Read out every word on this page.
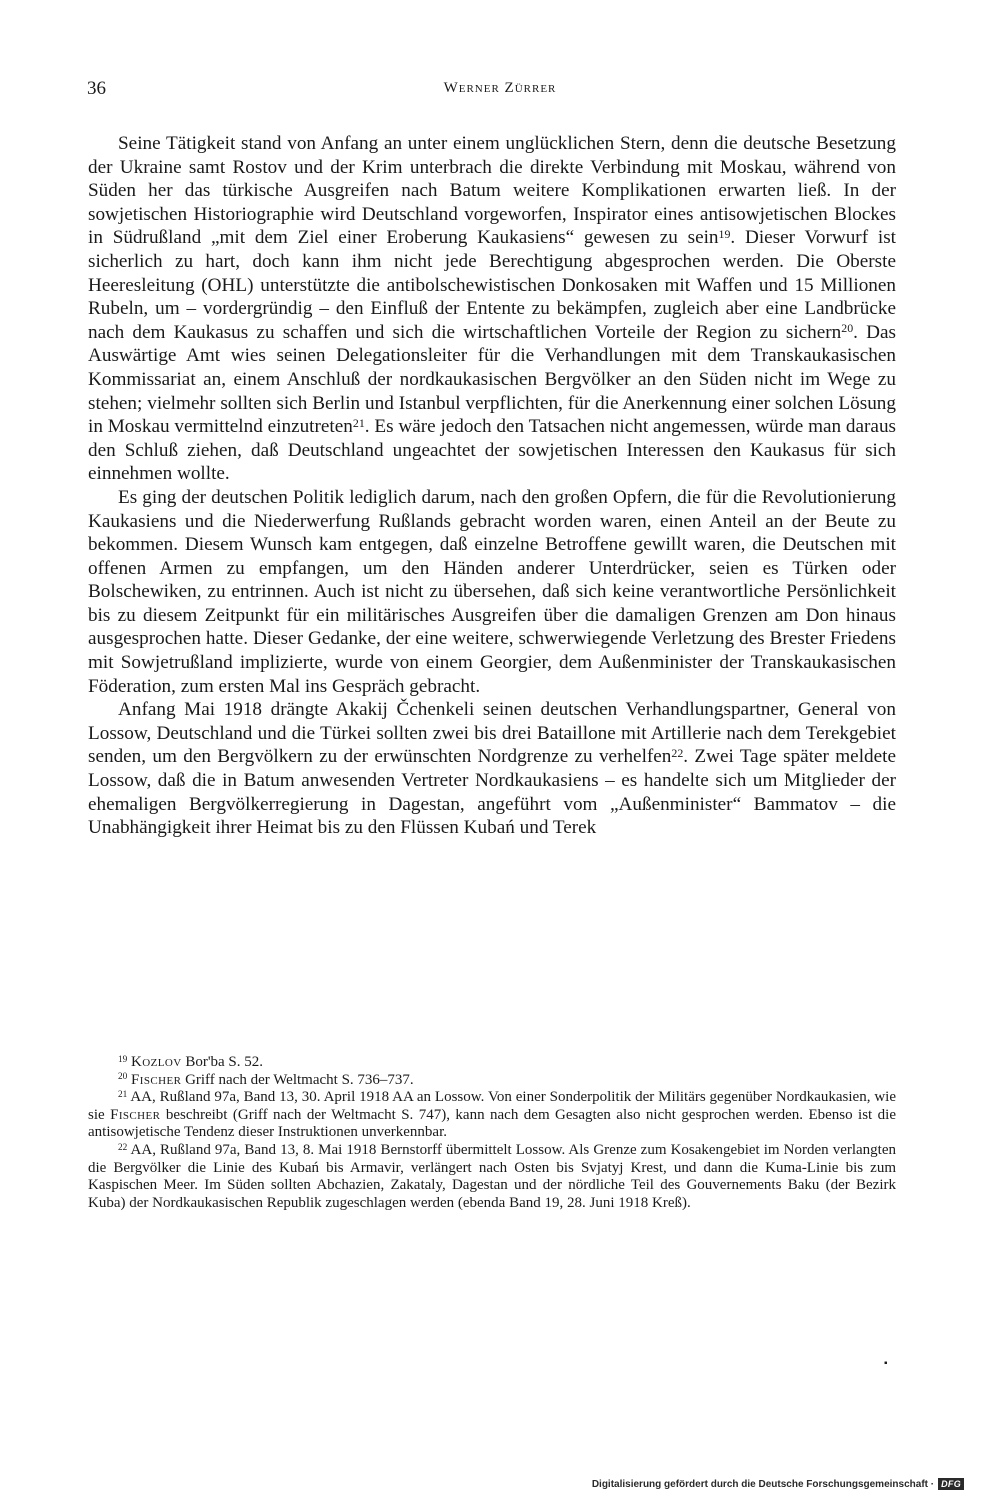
36	Werner Zürrer

Seine Tätigkeit stand von Anfang an unter einem unglücklichen Stern, denn die deutsche Besetzung der Ukraine samt Rostov und der Krim unterbrach die direkte Verbindung mit Moskau, während von Süden her das türkische Ausgreifen nach Batum weitere Komplikationen erwarten ließ. In der sowjetischen Historiographie wird Deutschland vorgeworfen, Inspirator eines antisowjetischen Blockes in Südrußland „mit dem Ziel einer Eroberung Kaukasiens“ gewesen zu sein$^{19}$. Dieser Vorwurf ist sicherlich zu hart, doch kann ihm nicht jede Berechtigung abgesprochen werden. Die Oberste Heeresleitung (OHL) unterstützte die antibolschewistischen Donkosaken mit Waffen und 15 Millionen Rubeln, um – vordergründig – den Einfluß der Entente zu bekämpfen, zugleich aber eine Landbrücke nach dem Kaukasus zu schaffen und sich die wirtschaftlichen Vorteile der Region zu sichern$^{20}$. Das Auswärtige Amt wies seinen Delegationsleiter für die Verhandlungen mit dem Transkaukasischen Kommissariat an, einem Anschluß der nordkaukasischen Bergvölker an den Süden nicht im Wege zu stehen; vielmehr sollten sich Berlin und Istanbul verpflichten, für die Anerkennung einer solchen Lösung in Moskau vermittelnd einzutreten$^{21}$. Es wäre jedoch den Tatsachen nicht angemessen, würde man daraus den Schluß ziehen, daß Deutschland ungeachtet der sowjetischen Interessen den Kaukasus für sich einnehmen wollte.

Es ging der deutschen Politik lediglich darum, nach den großen Opfern, die für die Revolutionierung Kaukasiens und die Niederwerfung Rußlands gebracht worden waren, einen Anteil an der Beute zu bekommen. Diesem Wunsch kam entgegen, daß einzelne Betroffene gewillt waren, die Deutschen mit offenen Armen zu empfangen, um den Händen anderer Unterdrücker, seien es Türken oder Bolschewiken, zu entrinnen. Auch ist nicht zu übersehen, daß sich keine verantwortliche Persönlichkeit bis zu diesem Zeitpunkt für ein militärisches Ausgreifen über die damaligen Grenzen am Don hinaus ausgesprochen hatte. Dieser Gedanke, der eine weitere, schwerwiegende Verletzung des Brester Friedens mit Sowjetrußland implizierte, wurde von einem Georgier, dem Außenminister der Transkaukasischen Föderation, zum ersten Mal ins Gespräch gebracht.

Anfang Mai 1918 drängte Akakij Čchenkeli seinen deutschen Verhandlungspartner, General von Lossow, Deutschland und die Türkei sollten zwei bis drei Bataillone mit Artillerie nach dem Terekgebiet senden, um den Bergvölkern zu der erwünschten Nordgrenze zu verhelfen$^{22}$. Zwei Tage später meldete Lossow, daß die in Batum anwesenden Vertreter Nordkaukasiens – es handelte sich um Mitglieder der ehemaligen Bergvölkerregierung in Dagestan, angeführt vom „Außenminister“ Bammatov – die Unabhängigkeit ihrer Heimat bis zu den Flüssen Kubań und Terek

$^{19}$ Kozlov Bor'ba S. 52.

$^{20}$ Fischer Griff nach der Weltmacht S. 736–737.

$^{21}$ AA, Rußland 97a, Band 13, 30. April 1918 AA an Lossow. Von einer Sonderpolitik der Militärs gegenüber Nordkaukasien, wie sie Fischer beschreibt (Griff nach der Weltmacht S. 747), kann nach dem Gesagten also nicht gesprochen werden. Ebenso ist die antisowjetische Tendenz dieser Instruktionen unverkennbar.

$^{22}$ AA, Rußland 97a, Band 13, 8. Mai 1918 Bernstorff übermittelt Lossow. Als Grenze zum Kosakengebiet im Norden verlangten die Bergvölker die Linie des Kubań bis Armavir, verlängert nach Osten bis Svjatyj Krest, und dann die Kuma-Linie bis zum Kaspischen Meer. Im Süden sollten Abchazien, Zakataly, Dagestan und der nördliche Teil des Gouvernements Baku (der Bezirk Kuba) der Nordkaukasischen Republik zugeschlagen werden (ebenda Band 19, 28. Juni 1918 Kreß).

▪
Digitalisierung gefördert durch die Deutsche Forschungsgemeinschaft · DFG
